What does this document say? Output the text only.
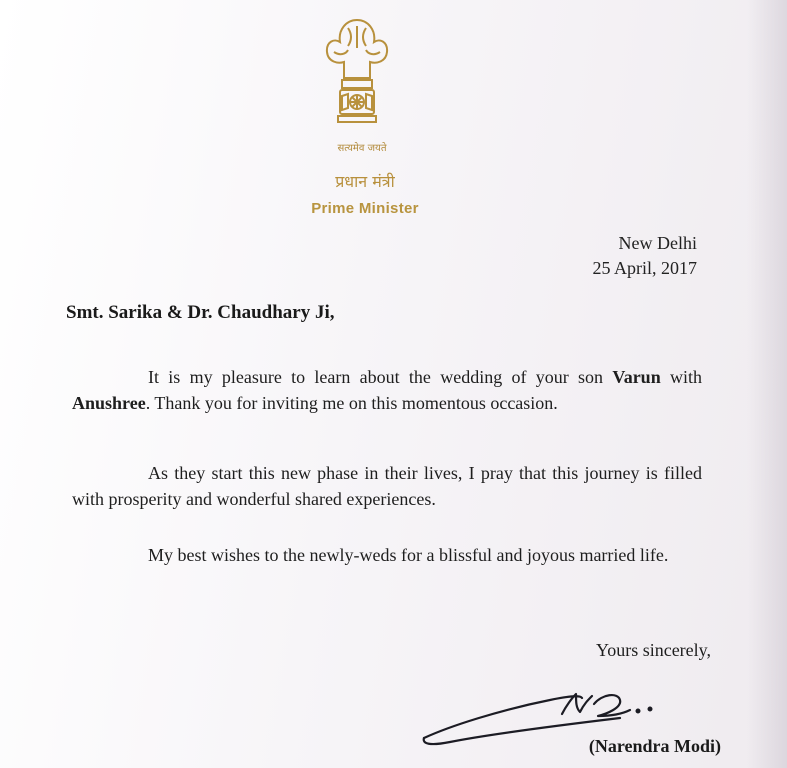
सत्यमेव जयते
प्रधान मंत्री
Prime Minister
New Delhi
25 April, 2017
Smt. Sarika & Dr. Chaudhary Ji,
It is my pleasure to learn about the wedding of your son Varun with Anushree. Thank you for inviting me on this momentous occasion.
As they start this new phase in their lives, I pray that this journey is filled with prosperity and wonderful shared experiences.
My best wishes to the newly-weds for a blissful and joyous married life.
Yours sincerely,
(Narendra Modi)
